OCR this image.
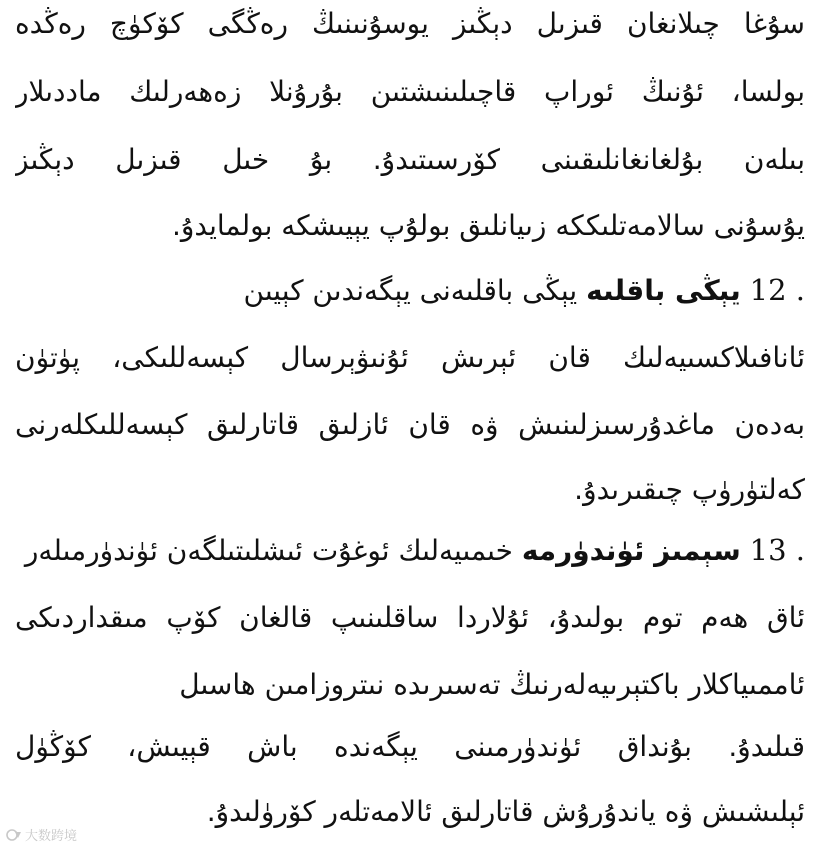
سۇغا چىلانغان قىزىل دېڭىز يوسۇنىنىڭ رەڭگى كۆكۈچ رەڭدە
بولسا، ئۇنىڭ ئوراپ قاچىلىنىشتىن بۇرۇنلا زەھەرلىك ماددىلار
بىلەن بۇلغانغانلىقىنى كۆرسىتىدۇ. بۇ خىل قىزىل دېڭىز
يۇسۇنى سالامەتلىككە زىيانلىق بولۇپ يېيىشكە بولمايدۇ.
12 . يېڭى باقلىه يېڭى باقلىەنى يېگەندىن كېيىن
ئانافىلاكسىيەلىك قان ئېرىش ئۇنىۋېرسال كېسەللىكى، پۈتۈن
بەدەن ماغدۇرسىزلىنىش ۋە قان ئازلىق قاتارلىق كېسەللىكلەرنى
كەلتۈرۈپ چىقىرىدۇ.
13 . سېمىز ئۈندۈرمە خىمىيەلىك ئوغۇت ئىشلىتىلگەن ئۈندۈرمىلەر
ئاق ھەم توم بولىدۇ، ئۇلاردا ساقلىنىپ قالغان كۆپ مىقداردىكى
ئاممىياكلار باكتېرىيەلەرنىڭ تەسىرىدە نىتروزامىن ھاسىل
قىلىدۇ. بۇنداق ئۈندۈرمىنى يېگەندە باش قېيىش، كۆڭۈل
ئېلىشىش ۋە ياندۇرۇش قاتارلىق ئالامەتلەر كۆرۈلىدۇ.
大数跨境
